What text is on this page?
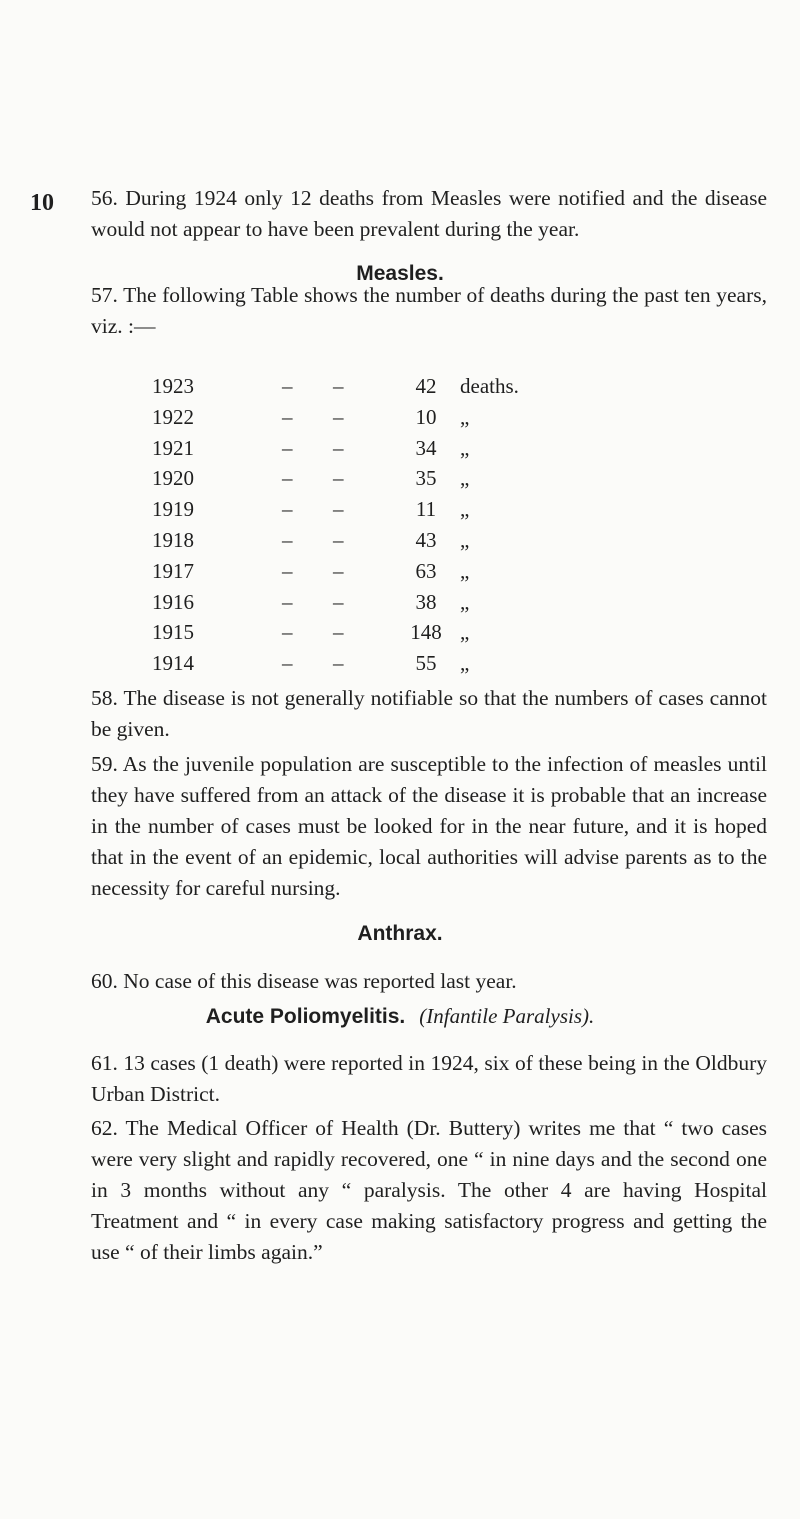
10
Measles.

56. During 1924 only 12 deaths from Measles were notified and the disease would not appear to have been prevalent during the year.

57. The following Table shows the number of deaths during the past ten years, viz. :—

1923	– –	42	deaths.
1922	– –	10	„
1921	– –	34	„
1920	– –	35	„
1919	– –	11	„
1918	– –	43	„
1917	– –	63	„
1916	– –	38	„
1915	– –	148 „
1914	– –	55	„

58. The disease is not generally notifiable so that the numbers of cases cannot be given.

59. As the juvenile population are susceptible to the infection of measles until they have suffered from an attack of the disease it is probable that an increase in the number of cases must be looked for in the near future, and it is hoped that in the event of an epidemic, local authorities will advise parents as to the necessity for careful nursing.

Anthrax.

60. No case of this disease was reported last year.

Acute Poliomyelitis. (Infantile Paralysis).

61. 13 cases (1 death) were reported in 1924, six of these being in the Oldbury Urban District.

62. The Medical Officer of Health (Dr. Buttery) writes me that “ two cases were very slight and rapidly recovered, one “ in nine days and the second one in 3 months without any “ paralysis. The other 4 are having Hospital Treatment and “ in every case making satisfactory progress and getting the use “ of their limbs again.”
